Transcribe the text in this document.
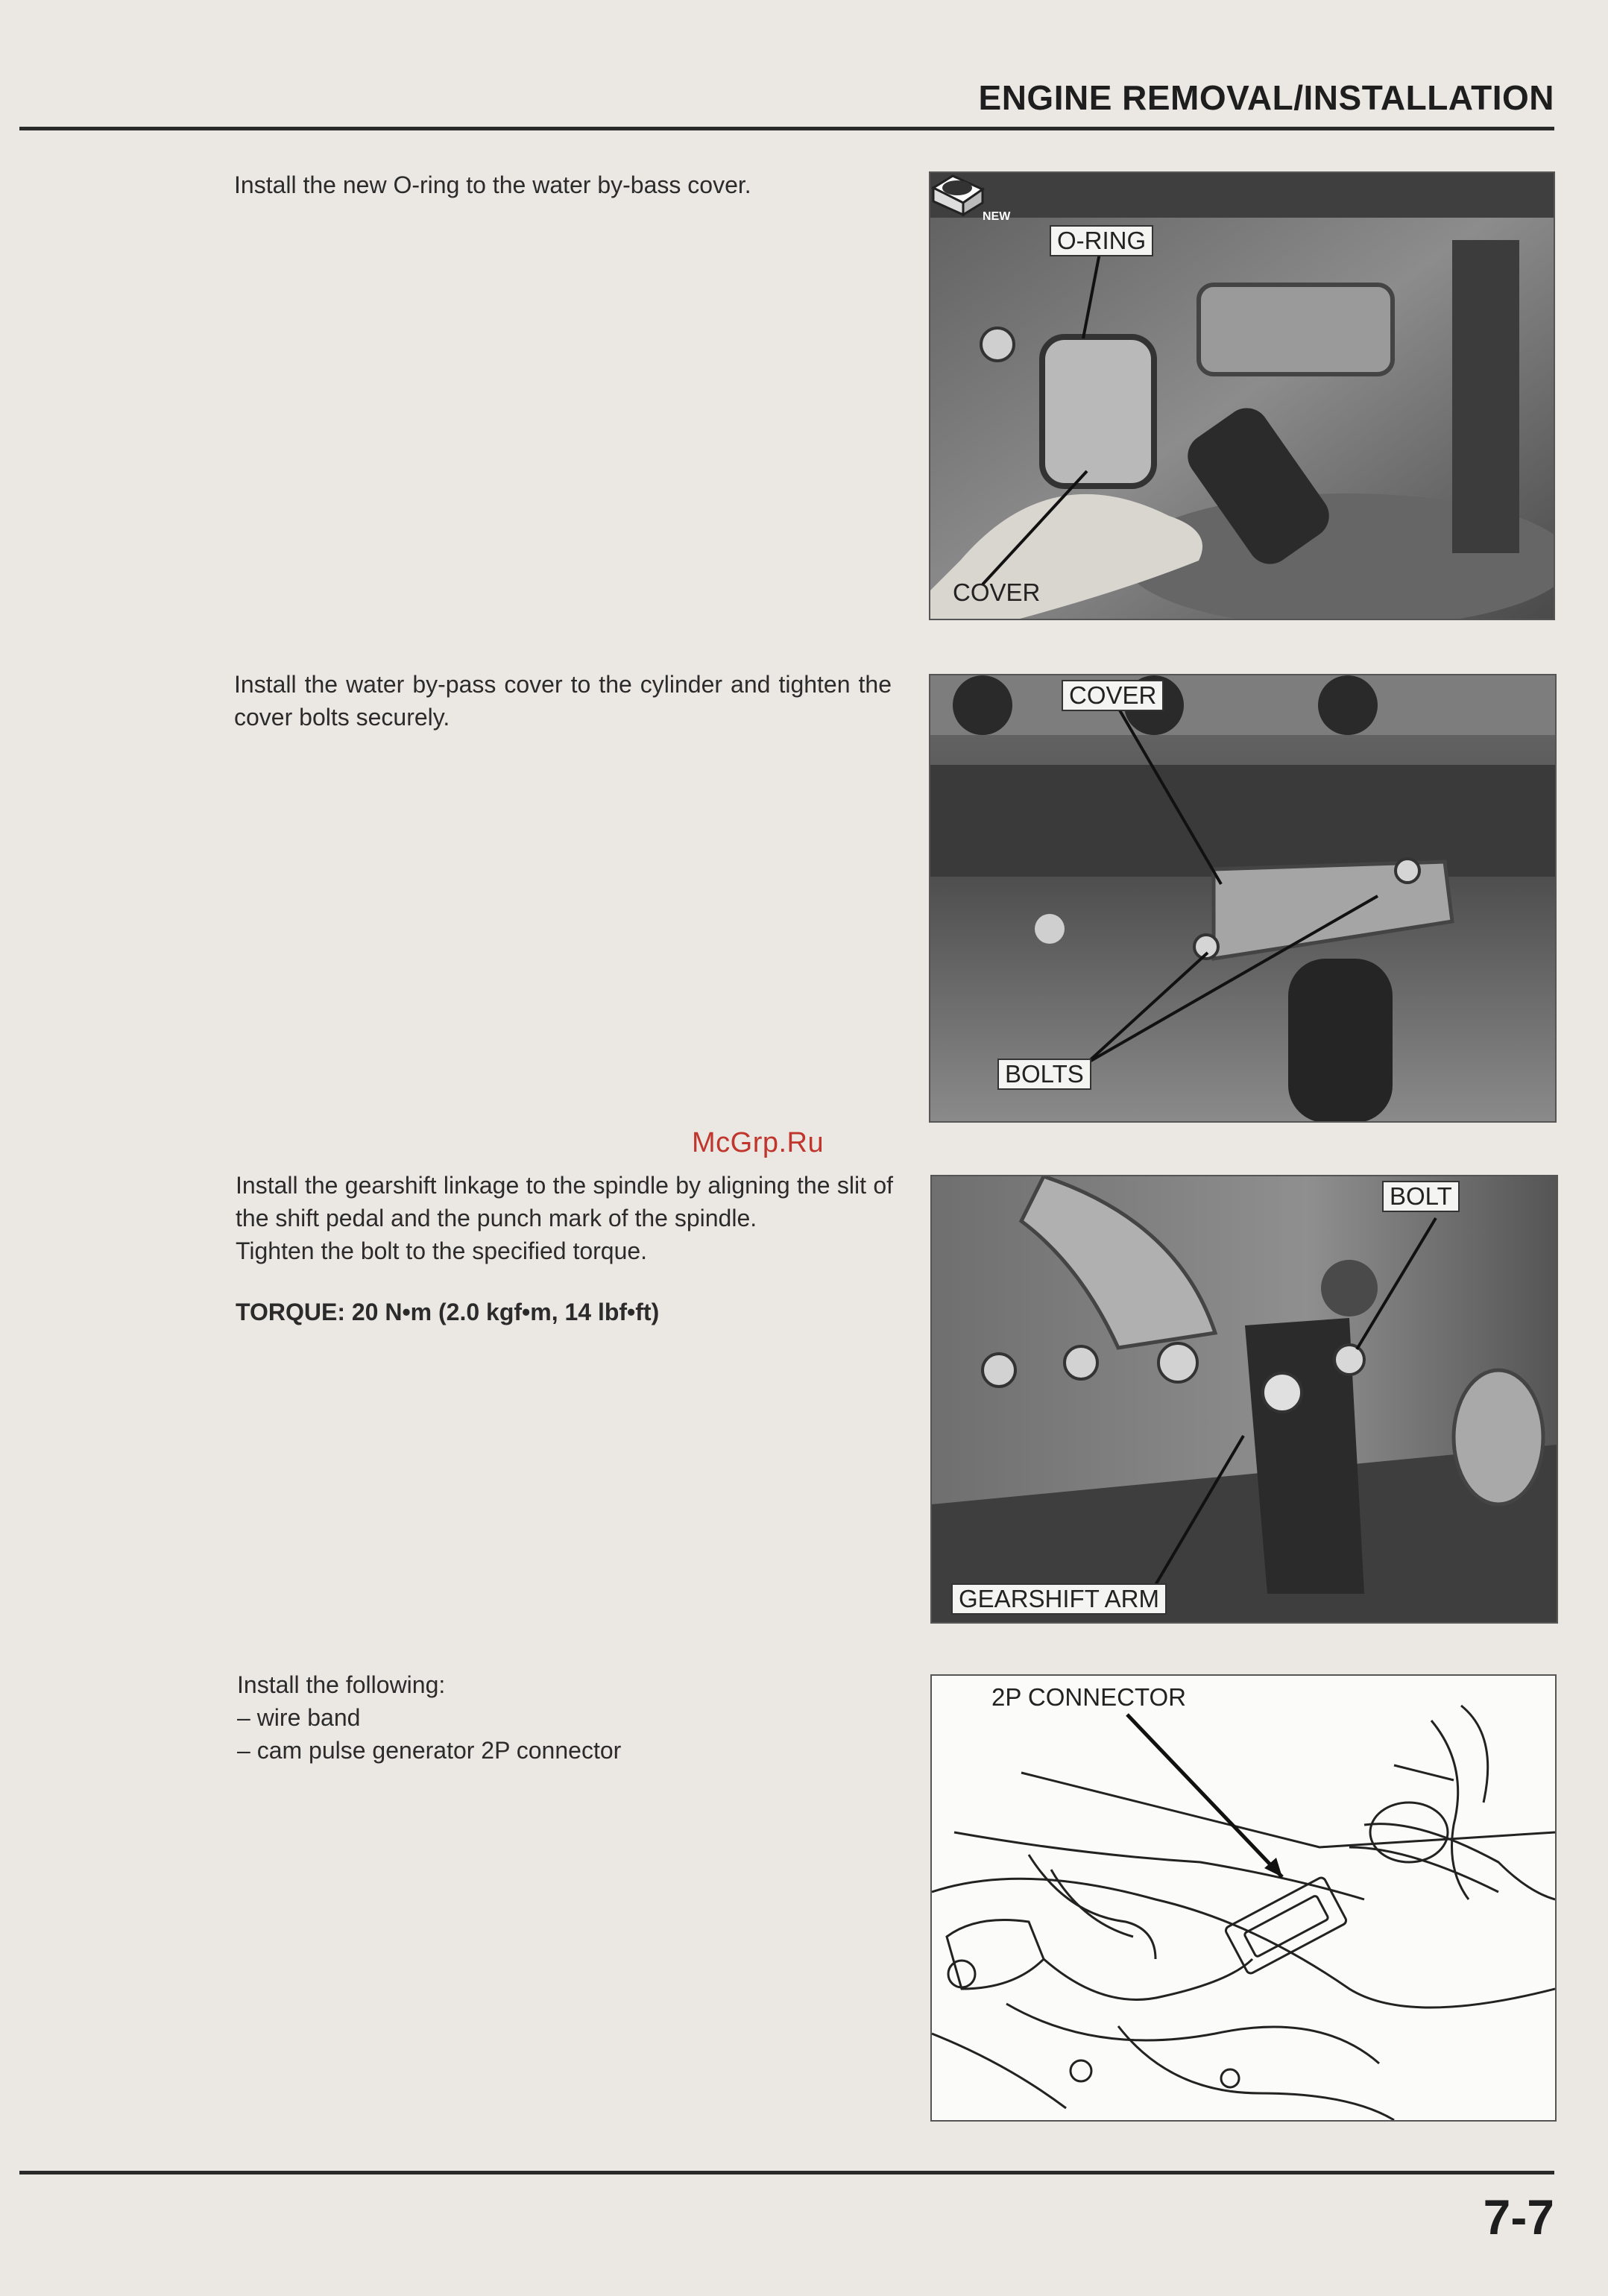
ENGINE REMOVAL/INSTALLATION

Install the new O-ring to the water by-bass cover.

NEW
O-RING
COVER

Install the water by-pass cover to the cylinder and tighten the cover bolts securely.

COVER
BOLTS
McGrp.Ru

Install the gearshift linkage to the spindle by aligning the slit of the shift pedal and the punch mark of the spindle.

Tighten the bolt to the specified torque.

TORQUE: 20 N•m (2.0 kgf•m, 14 lbf•ft)

BOLT
GEARSHIFT ARM

Install the following:

– wire band

– cam pulse generator 2P connector

2P CONNECTOR
7-7
